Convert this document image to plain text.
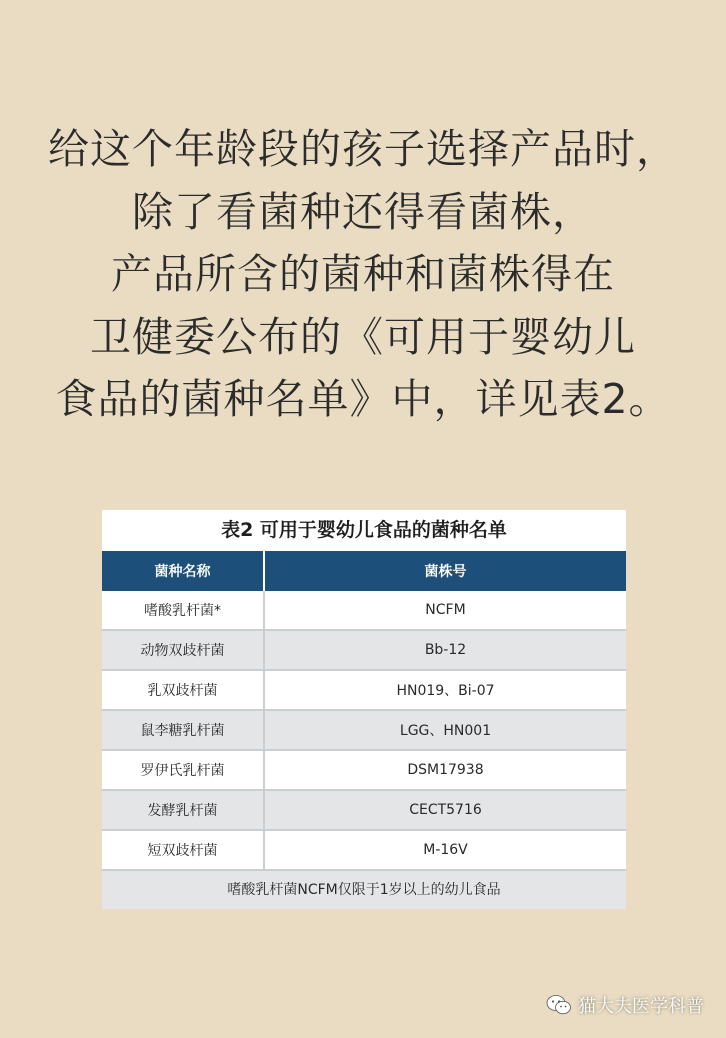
给这个年龄段的孩子选择产品时，
除了看菌种还得看菌株，
产品所含的菌种和菌株得在
卫健委公布的《可用于婴幼儿
食品的菌种名单》中，详见表2。
表2 可用于婴幼儿食品的菌种名单
菌种名称	菌株号
嗜酸乳杆菌*	NCFM
动物双歧杆菌	Bb-12
乳双歧杆菌	HN019、Bi-07
鼠李糖乳杆菌	LGG、HN001
罗伊氏乳杆菌	DSM17938
发酵乳杆菌	CECT5716
短双歧杆菌	M-16V
嗜酸乳杆菌NCFM仅限于1岁以上的幼儿食品
猫大夫医学科普
